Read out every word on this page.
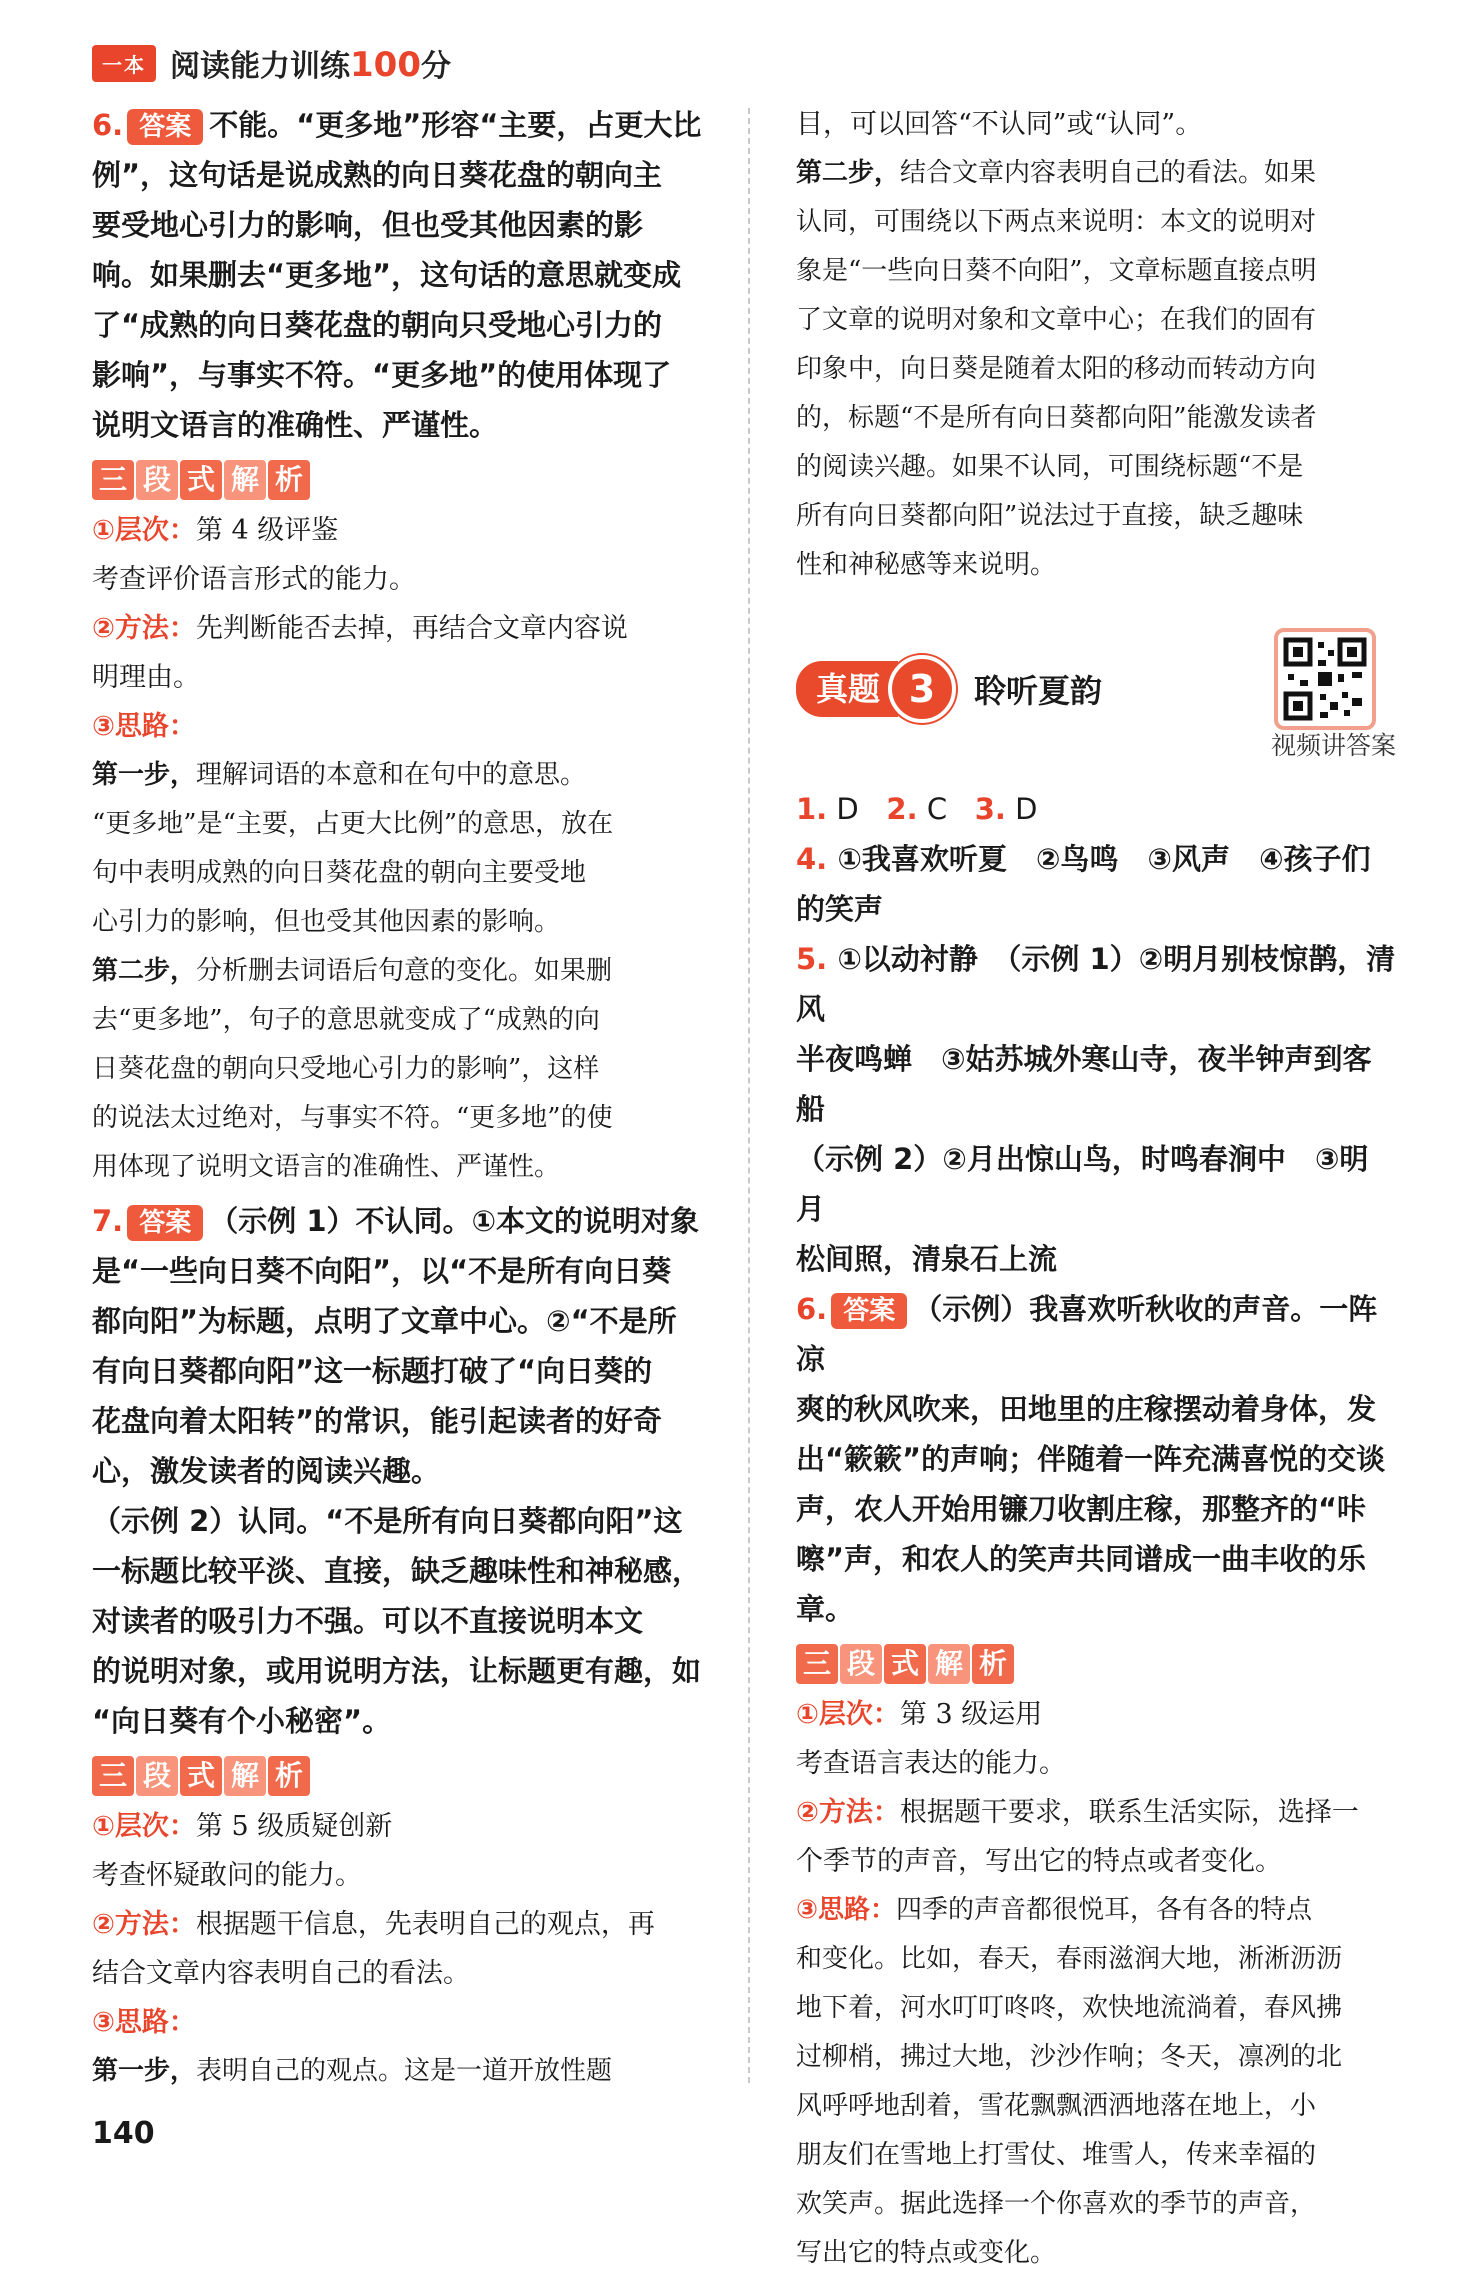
一本 阅读能力训练100分

6. 答案 不能。“更多地”形容“主要，占更大比

例”，这句话是说成熟的向日葵花盘的朝向主

要受地心引力的影响，但也受其他因素的影

响。如果删去“更多地”，这句话的意思就变成

了“成熟的向日葵花盘的朝向只受地心引力的

影响”，与事实不符。“更多地”的使用体现了

说明文语言的准确性、严谨性。

三 段 式 解 析

①层次：第 4 级评鉴

考查评价语言形式的能力。

②方法：先判断能否去掉，再结合文章内容说

明理由。

③思路：

第一步，理解词语的本意和在句中的意思。

“更多地”是“主要，占更大比例”的意思，放在

句中表明成熟的向日葵花盘的朝向主要受地

心引力的影响，但也受其他因素的影响。

第二步，分析删去词语后句意的变化。如果删

去“更多地”，句子的意思就变成了“成熟的向

日葵花盘的朝向只受地心引力的影响”，这样

的说法太过绝对，与事实不符。“更多地”的使

用体现了说明文语言的准确性、严谨性。

7. 答案 （示例 1）不认同。①本文的说明对象

是“一些向日葵不向阳”，以“不是所有向日葵

都向阳”为标题，点明了文章中心。②“不是所

有向日葵都向阳”这一标题打破了“向日葵的

花盘向着太阳转”的常识，能引起读者的好奇

心，激发读者的阅读兴趣。

（示例 2）认同。“不是所有向日葵都向阳”这

一标题比较平淡、直接，缺乏趣味性和神秘感，

对读者的吸引力不强。可以不直接说明本文

的说明对象，或用说明方法，让标题更有趣，如

“向日葵有个小秘密”。

三 段 式 解 析

①层次：第 5 级质疑创新

考查怀疑敢问的能力。

②方法：根据题干信息，先表明自己的观点，再

结合文章内容表明自己的看法。

③思路：

第一步，表明自己的观点。这是一道开放性题

140

目，可以回答“不认同”或“认同”。

第二步，结合文章内容表明自己的看法。如果

认同，可围绕以下两点来说明：本文的说明对

象是“一些向日葵不向阳”，文章标题直接点明

了文章的说明对象和文章中心；在我们的固有

印象中，向日葵是随着太阳的移动而转动方向

的，标题“不是所有向日葵都向阳”能激发读者

的阅读兴趣。如果不认同，可围绕标题“不是

所有向日葵都向阳”说法过于直接，缺乏趣味

性和神秘感等来说明。

真题 3	聆听夏韵
视频讲答案

1. D 2. C 3. D

4. ①我喜欢听夏　②鸟鸣　③风声　④孩子们

的笑声

5. ①以动衬静　（示例 1）②明月别枝惊鹊，清风

半夜鸣蝉　③姑苏城外寒山寺，夜半钟声到客船

（示例 2）②月出惊山鸟，时鸣春涧中　③明月

松间照，清泉石上流

6. 答案 （示例）我喜欢听秋收的声音。一阵凉

爽的秋风吹来，田地里的庄稼摆动着身体，发

出“簌簌”的声响；伴随着一阵充满喜悦的交谈

声，农人开始用镰刀收割庄稼，那整齐的“咔

嚓”声，和农人的笑声共同谱成一曲丰收的乐章。

三 段 式 解 析

①层次：第 3 级运用

考查语言表达的能力。

②方法：根据题干要求，联系生活实际，选择一

个季节的声音，写出它的特点或者变化。

③思路：四季的声音都很悦耳，各有各的特点

和变化。比如，春天，春雨滋润大地，淅淅沥沥

地下着，河水叮叮咚咚，欢快地流淌着，春风拂

过柳梢，拂过大地，沙沙作响；冬天，凛冽的北

风呼呼地刮着，雪花飘飘洒洒地落在地上，小

朋友们在雪地上打雪仗、堆雪人，传来幸福的

欢笑声。据此选择一个你喜欢的季节的声音，

写出它的特点或变化。
